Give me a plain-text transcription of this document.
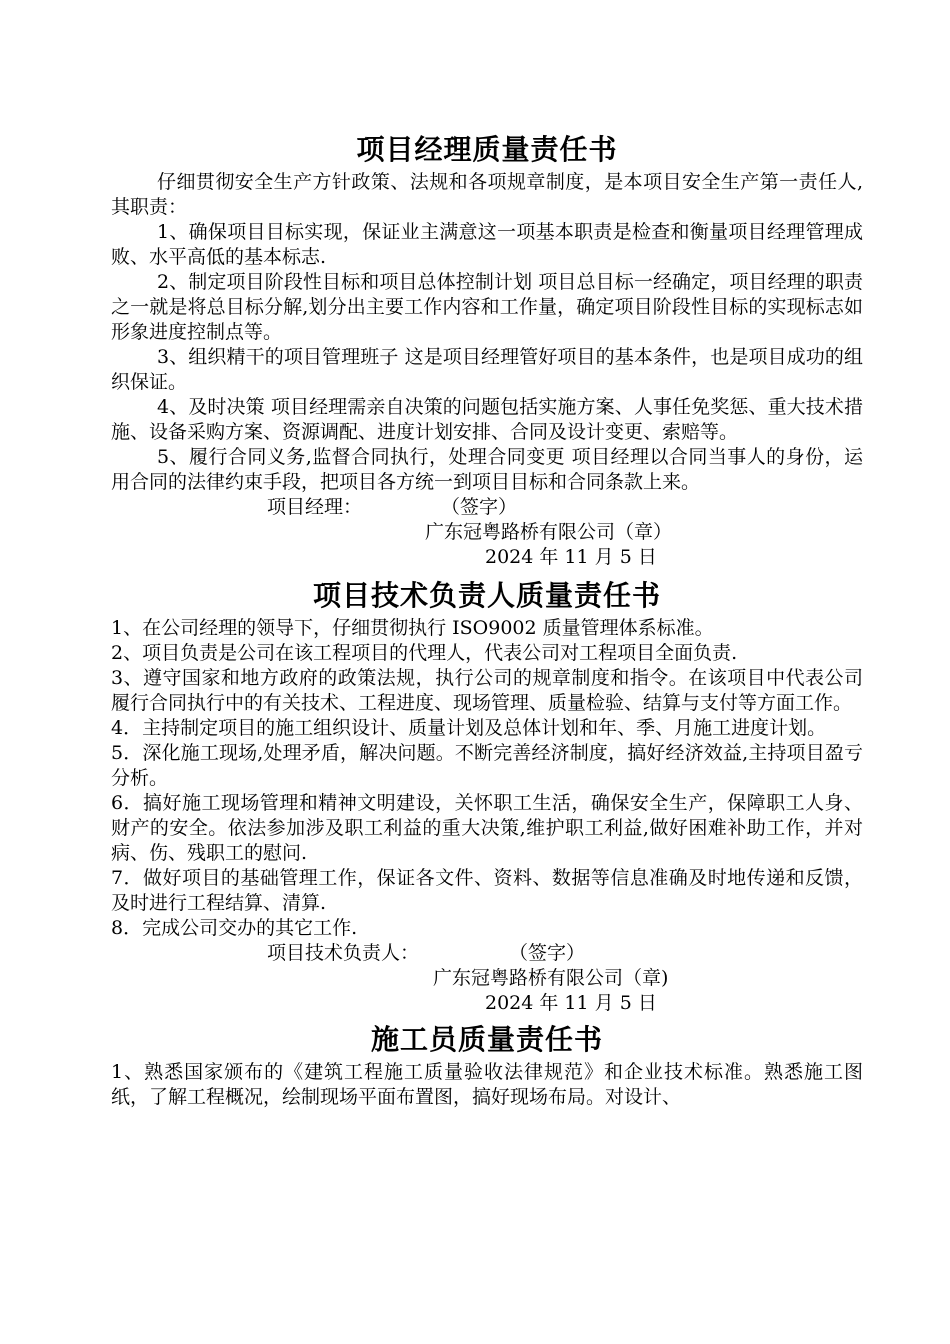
项目经理质量责任书

仔细贯彻安全生产方针政策、法规和各项规章制度，是本项目安全生产第一责任人,其职责：

1、确保项目目标实现，保证业主满意这一项基本职责是检查和衡量项目经理管理成败、水平高低的基本标志.

2、制定项目阶段性目标和项目总体控制计划 项目总目标一经确定，项目经理的职责之一就是将总目标分解,划分出主要工作内容和工作量，确定项目阶段性目标的实现标志如形象进度控制点等。

3、组织精干的项目管理班子 这是项目经理管好项目的基本条件，也是项目成功的组织保证。

4、及时决策 项目经理需亲自决策的问题包括实施方案、人事任免奖惩、重大技术措施、设备采购方案、资源调配、进度计划安排、合同及设计变更、索赔等。

5、履行合同义务,监督合同执行，处理合同变更 项目经理以合同当事人的身份，运用合同的法律约束手段，把项目各方统一到项目目标和合同条款上来。

项目经理：	（签字）
广东冠粤路桥有限公司（章）
2024 年 11 月 5 日
项目技术负责人质量责任书

1、在公司经理的领导下，仔细贯彻执行 ISO9002 质量管理体系标准。

2、项目负责是公司在该工程项目的代理人，代表公司对工程项目全面负责.

3、遵守国家和地方政府的政策法规，执行公司的规章制度和指令。在该项目中代表公司履行合同执行中的有关技术、工程进度、现场管理、质量检验、结算与支付等方面工作。

4．主持制定项目的施工组织设计、质量计划及总体计划和年、季、月施工进度计划。

5．深化施工现场,处理矛盾，解决问题。不断完善经济制度，搞好经济效益,主持项目盈亏分析。

6．搞好施工现场管理和精神文明建设，关怀职工生活，确保安全生产，保障职工人身、财产的安全。依法参加涉及职工利益的重大决策,维护职工利益,做好困难补助工作，并对病、伤、残职工的慰问.

7．做好项目的基础管理工作，保证各文件、资料、数据等信息准确及时地传递和反馈，及时进行工程结算、清算.

8．完成公司交办的其它工作.

项目技术负责人：	（签字）
广东冠粤路桥有限公司（章)
2024 年 11 月 5 日
施工员质量责任书

1、熟悉国家颁布的《建筑工程施工质量验收法律规范》和企业技术标准。熟悉施工图纸，了解工程概况，绘制现场平面布置图，搞好现场布局。对设计、
